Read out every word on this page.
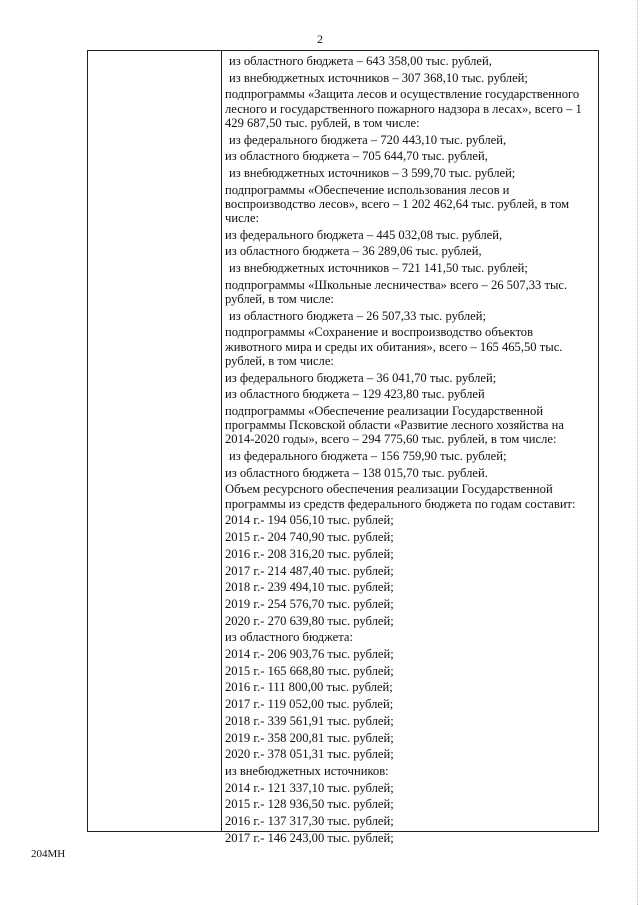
2
из областного бюджета – 643 358,00 тыс. рублей,
из внебюджетных источников – 307 368,10 тыс. рублей;
подпрограммы «Защита лесов и осуществление государственного лесного и государственного пожарного надзора в лесах», всего – 1 429 687,50 тыс. рублей, в том числе:
из федерального бюджета – 720 443,10 тыс. рублей,
из областного бюджета – 705 644,70 тыс. рублей,
из внебюджетных источников – 3 599,70 тыс. рублей;
подпрограммы «Обеспечение использования лесов и воспроизводство лесов», всего – 1 202 462,64 тыс. рублей, в том числе:
из федерального бюджета – 445 032,08 тыс. рублей,
из областного бюджета – 36 289,06 тыс. рублей,
из внебюджетных источников – 721 141,50 тыс. рублей;
подпрограммы «Школьные лесничества» всего – 26 507,33 тыс. рублей, в том числе:
из областного бюджета – 26 507,33 тыс. рублей;
подпрограммы «Сохранение и воспроизводство объектов животного мира и среды их обитания», всего – 165 465,50 тыс. рублей, в том числе:
из федерального бюджета – 36 041,70 тыс. рублей;
из областного бюджета – 129 423,80 тыс. рублей
подпрограммы «Обеспечение реализации Государственной программы Псковской области «Развитие лесного хозяйства на 2014-2020 годы», всего – 294 775,60 тыс. рублей, в том числе:
из федерального бюджета – 156 759,90 тыс. рублей;
из областного бюджета – 138 015,70 тыс. рублей.
Объем ресурсного обеспечения реализации Государственной программы из средств федерального бюджета по годам составит:
2014 г.- 194 056,10 тыс. рублей;
2015 г.- 204 740,90 тыс. рублей;
2016 г.- 208 316,20 тыс. рублей;
2017 г.- 214 487,40 тыс. рублей;
2018 г.- 239 494,10 тыс. рублей;
2019 г.- 254 576,70 тыс. рублей;
2020 г.- 270 639,80 тыс. рублей;
из областного бюджета:
2014 г.- 206 903,76 тыс. рублей;
2015 г.- 165 668,80 тыс. рублей;
2016 г.- 111 800,00 тыс. рублей;
2017 г.- 119 052,00 тыс. рублей;
2018 г.- 339 561,91 тыс. рублей;
2019 г.- 358 200,81 тыс. рублей;
2020 г.- 378 051,31 тыс. рублей;
из внебюджетных источников:
2014 г.- 121 337,10 тыс. рублей;
2015 г.- 128 936,50 тыс. рублей;
2016 г.- 137 317,30 тыс. рублей;
2017 г.- 146 243,00 тыс. рублей;
204МН
